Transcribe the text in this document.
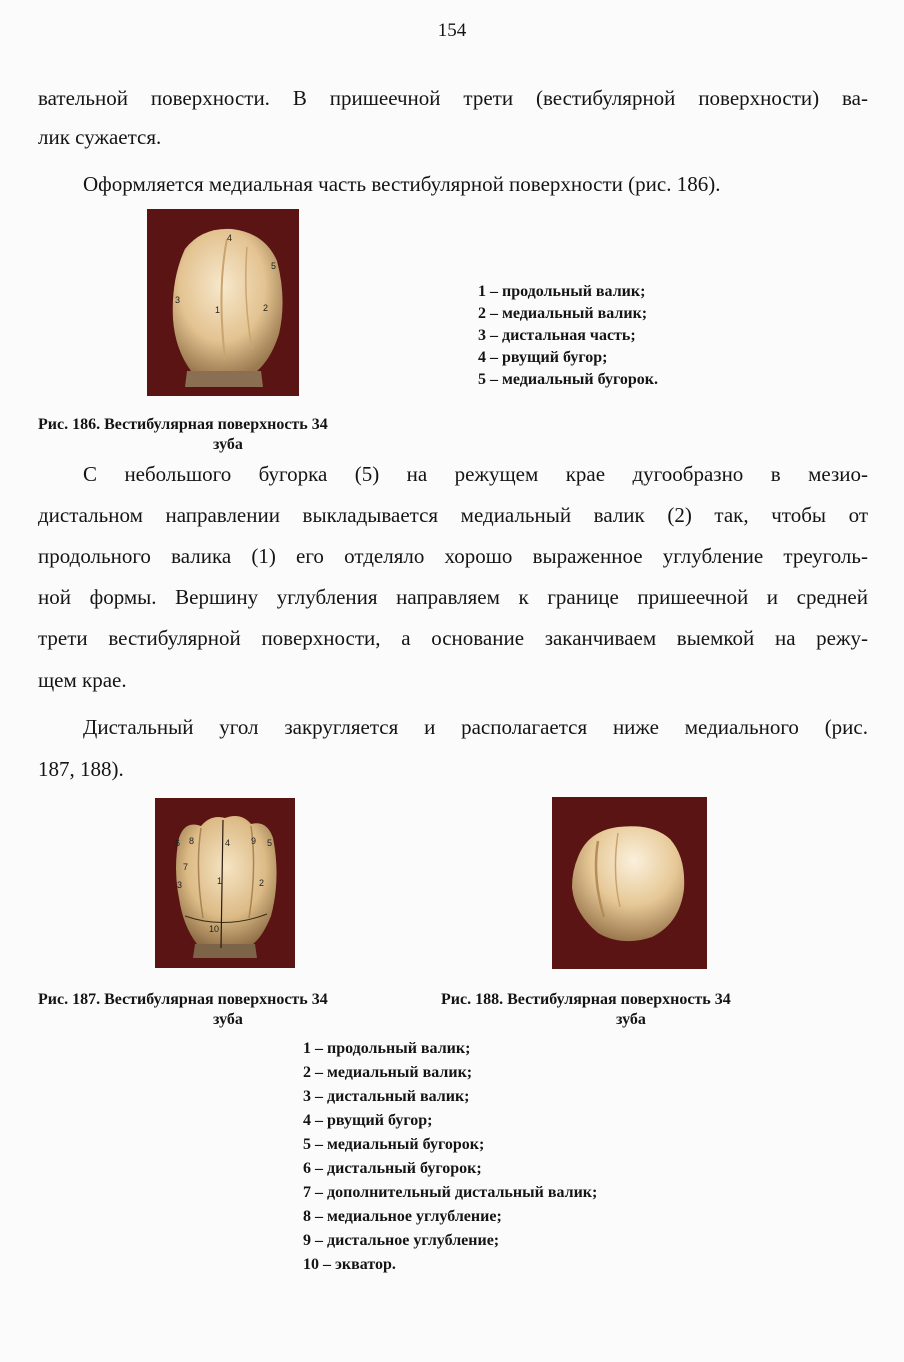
154
вательной поверхности. В пришеечной трети (вестибулярной поверхности) ва-
лик сужается.
Оформляется медиальная часть вестибулярной поверхности (рис. 186).
4
5
3
1	2
1 – продольный валик;
2 – медиальный валик;
3 – дистальная часть;
4 – рвущий бугор;
5 – медиальный бугорок.
Рис. 186. Вестибулярная поверхность 34
зуба
С небольшого бугорка (5) на режущем крае дугообразно в мезио-
дистальном направлении выкладывается медиальный валик (2) так, чтобы от
продольного валика (1) его отделяло хорошо выраженное углубление треуголь-
ной формы. Вершину углубления направляем к границе пришеечной и средней
трети вестибулярной поверхности, а основание заканчиваем выемкой на режу-
щем крае.
Дистальный угол закругляется и располагается ниже медиального (рис.
187, 188).
6 8	4	5
9
7
3	1	2
10
Рис. 187. Вестибулярная поверхность 34
зуба
Рис. 188. Вестибулярная поверхность 34
зуба
1 – продольный валик;
2 – медиальный валик;
3 – дистальный валик;
4 – рвущий бугор;
5 – медиальный бугорок;
6 – дистальный бугорок;
7 – дополнительный дистальный валик;
8 – медиальное углубление;
9 – дистальное углубление;
10 – экватор.
